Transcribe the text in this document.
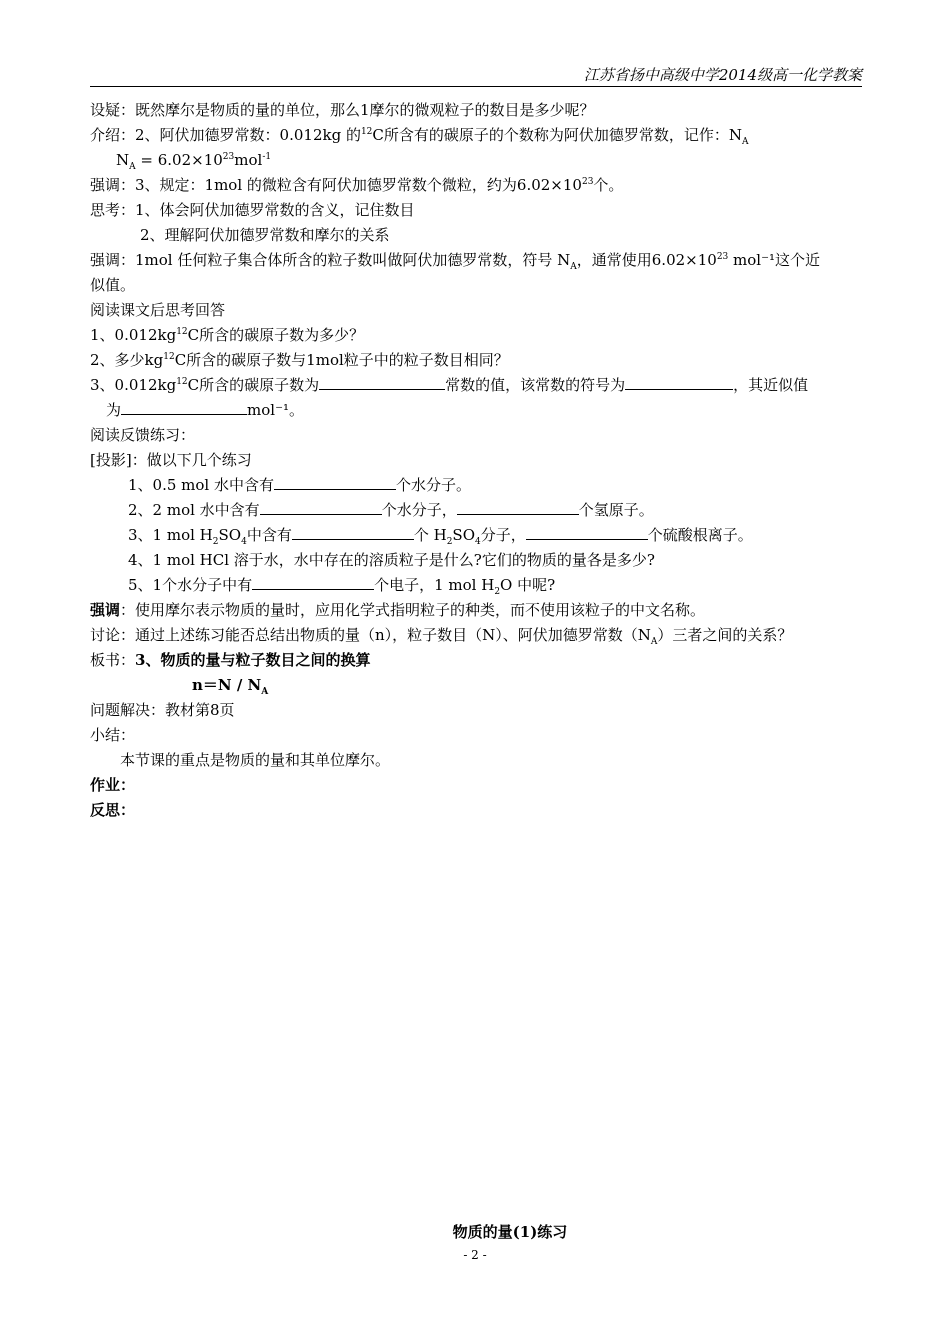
江苏省扬中高级中学2014级高一化学教案
设疑：既然摩尔是物质的量的单位，那么1摩尔的微观粒子的数目是多少呢？
介绍：2、阿伏加德罗常数：0.012kg 的$^{12}$C所含有的碳原子的个数称为阿伏加德罗常数，记作：$N_A$
$N_A = 6.02\times 10^{23}mol^{-1}$
强调：3、规定：1mol 的微粒含有阿伏加德罗常数个微粒，约为$6.02\times 10^{23}$个。
思考：1、体会阿伏加德罗常数的含义，记住数目
2、理解阿伏加德罗常数和摩尔的关系
强调：1mol 任何粒子集合体所含的粒子数叫做阿伏加德罗常数，符号 $N_A$，通常使用$6.02\times 10^{23}$ mol⁻¹这个近
似值。
阅读课文后思考回答
1、$0.012kg^{12}C$所含的碳原子数为多少？
2、多少$kg^{12}C$所含的碳原子数与1mol粒子中的粒子数目相同？
3、$0.012kg^{12}C$所含的碳原子数为	常数的值，该常数的符号为	，其近似值
为	mol⁻¹。
阅读反馈练习：
[投影]：做以下几个练习
1、0.5 mol 水中含有	个水分子。
2、2 mol 水中含有	个水分子，	个氢原子。
3、1 mol $H_2SO_4$中含有	个 $H_2SO_4$分子，	个硫酸根离子。
4、1 mol HCl 溶于水，水中存在的溶质粒子是什么?它们的物质的量各是多少?
5、1个水分子中有	个电子，1 mol $H_2O$ 中呢?
强调：使用摩尔表示物质的量时，应用化学式指明粒子的种类，而不使用该粒子的中文名称。
讨论：通过上述练习能否总结出物质的量（n），粒子数目（N）、阿伏加德罗常数$(N_A)$三者之间的关系？
板书：3、物质的量与粒子数目之间的换算
$n=N / N_A$
问题解决：教材第8页
小结：
本节课的重点是物质的量和其单位摩尔。
作业：
反思：
物质的量(1)练习
- 2 -
